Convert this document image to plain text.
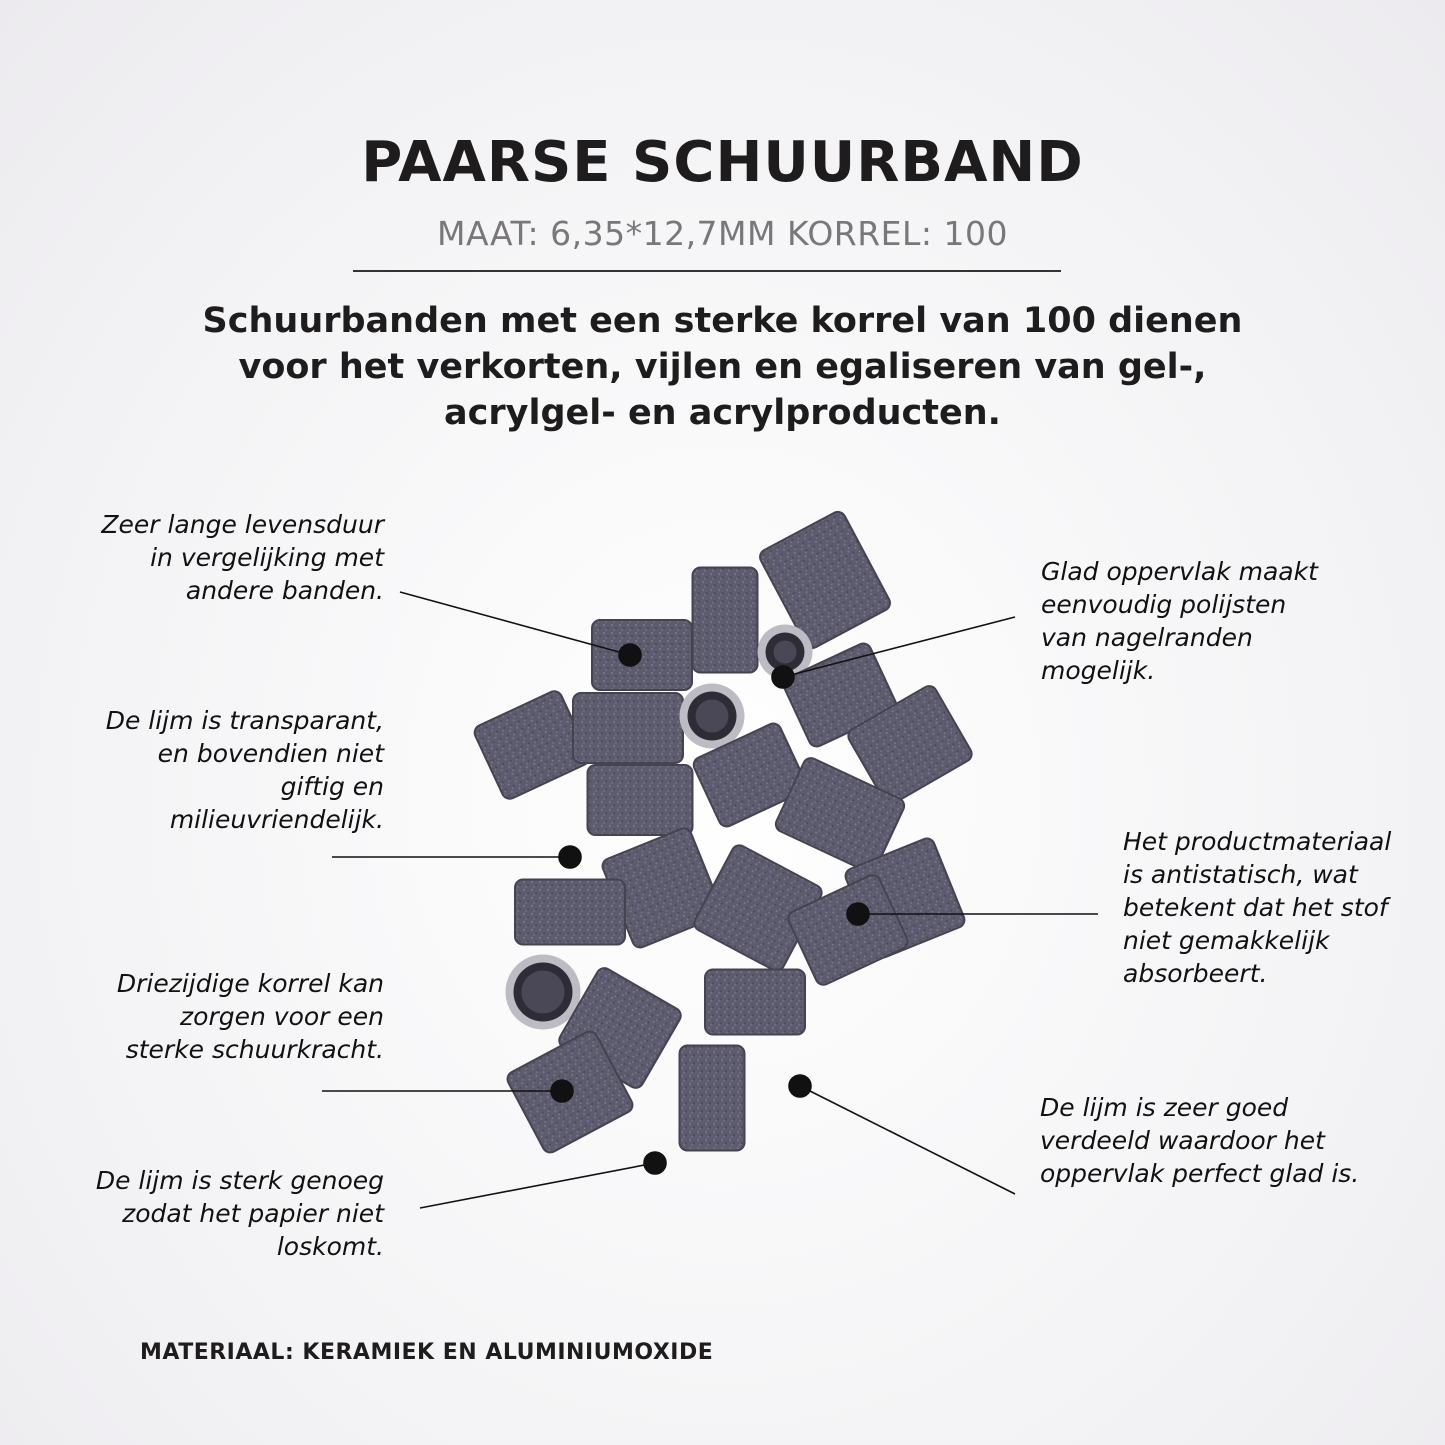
PAARSE SCHUURBAND
MAAT: 6,35*12,7MM KORREL: 100
Schuurbanden met een sterke korrel van 100 dienen voor het verkorten, vijlen en egaliseren van gel-, acrylgel- en acrylproducten.
Zeer lange levensduur
in vergelijking met
andere banden.
De lijm is transparant,
en bovendien niet
giftig en
milieuvriendelijk.
Driezijdige korrel kan
zorgen voor een
sterke schuurkracht.
De lijm is sterk genoeg
zodat het papier niet
loskomt.
Glad oppervlak maakt
eenvoudig polijsten
van nagelranden
mogelijk.
Het productmateriaal
is antistatisch, wat
betekent dat het stof
niet gemakkelijk
absorbeert.
De lijm is zeer goed
verdeeld waardoor het
oppervlak perfect glad is.
MATERIAAL: KERAMIEK EN ALUMINIUMOXIDE
